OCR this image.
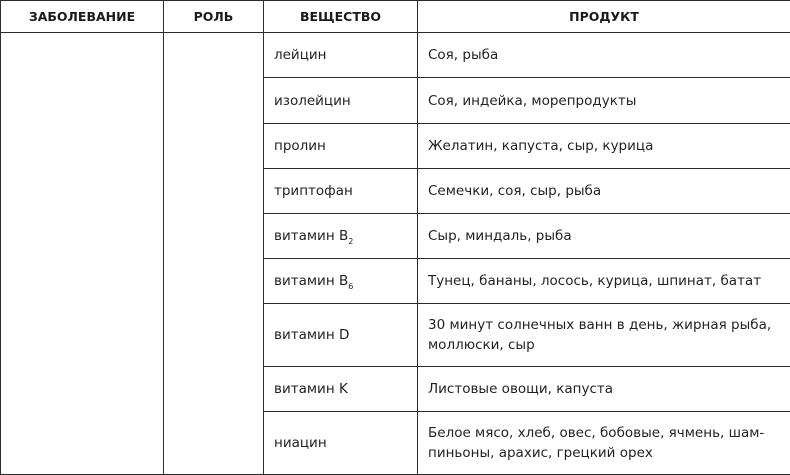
ЗАБОЛЕВАНИЕ	РОЛЬ	ВЕЩЕСТВО	ПРОДУКТ
		лейцин	Соя, рыба
		изолейцин	Соя, индейка, морепродукты
		пролин	Желатин, капуста, сыр, курица
		триптофан	Семечки, соя, сыр, рыба
		витамин $B_2$	Сыр, миндаль, рыба
		витамин $B_6$	Тунец, бананы, лосось, курица, шпинат, батат
		витамин D	30 минут солнечных ванн в день, жирная рыба, моллюски, сыр
		витамин K	Листовые овощи, капуста
		ниацин	Белое мясо, хлеб, овес, бобовые, ячмень, шампиньоны, арахис, грецкий орех
